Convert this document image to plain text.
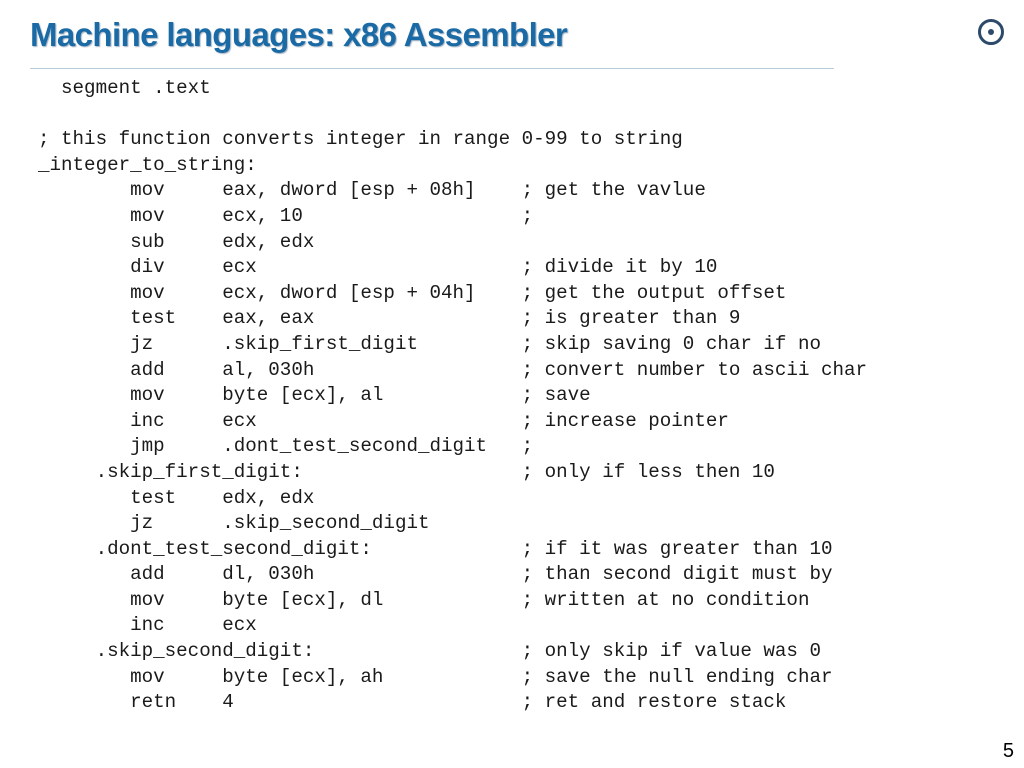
Machine languages: x86 Assembler
segment .text
; this function converts integer in range 0-99 to string
_integer_to_string:
mov     eax, dword [esp + 08h]    ; get the vavlue
mov     ecx, 10                   ;
sub     edx, edx
div     ecx                       ; divide it by 10
mov     ecx, dword [esp + 04h]    ; get the output offset
test    eax, eax                  ; is greater than 9
jz      .skip_first_digit         ; skip saving 0 char if no
add     al, 030h                  ; convert number to ascii char
mov     byte [ecx], al            ; save
inc     ecx                       ; increase pointer
jmp     .dont_test_second_digit   ;
.skip_first_digit:                   ; only if less then 10
test    edx, edx
jz      .skip_second_digit
.dont_test_second_digit:             ; if it was greater than 10
add     dl, 030h                  ; than second digit must by
mov     byte [ecx], dl            ; written at no condition
inc     ecx
.skip_second_digit:                  ; only skip if value was 0
mov     byte [ecx], ah            ; save the null ending char
retn    4                         ; ret and restore stack
5
